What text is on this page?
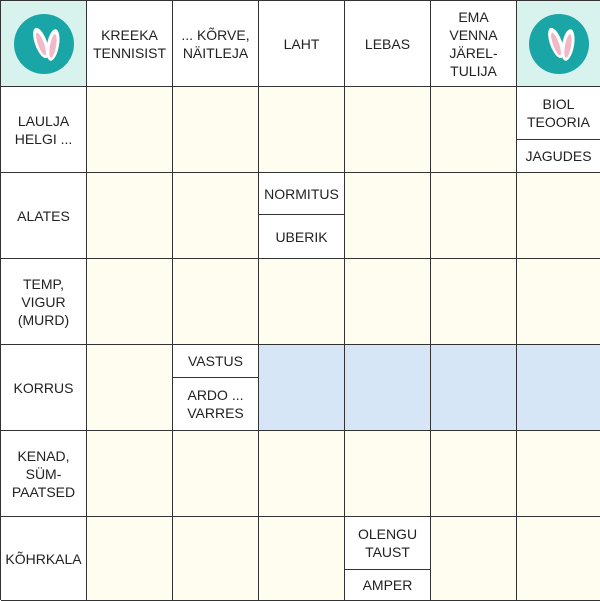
KREEKA
TENNISIST
... KÕRVE,
NÄITLEJA
LAHT	LEBAS
EMA
VENNA
JÄREL-
TULIJA
LAULJA
HELGI ...
BIOL
TEOORIA
JAGUDES
ALATES
NORMITUS
UBERIK
TEMP,
VIGUR
(MURD)
KORRUS
VASTUS
ARDO ...
VARRES
KENAD,
SÜM-
PAATSED
KÕHRKALA
OLENGU
TAUST
AMPER
